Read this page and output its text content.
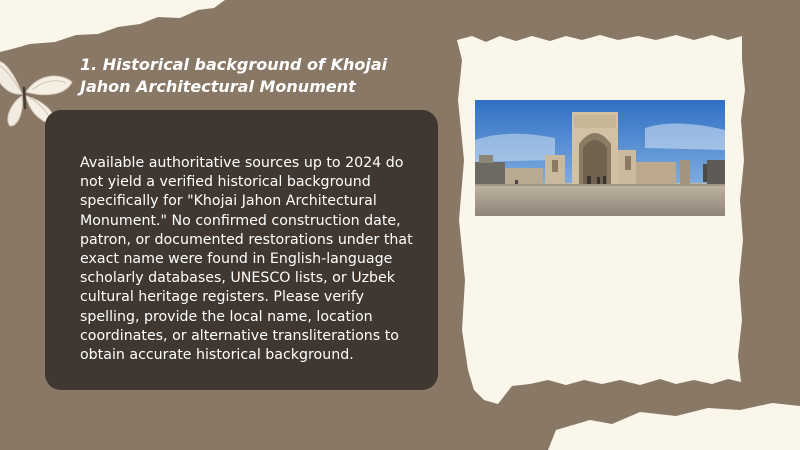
1. Historical background of Khojai Jahon Architectural Monument

Available authoritative sources up to 2024 do not yield a verified historical background specifically for "Khojai Jahon Architectural Monument." No confirmed construction date, patron, or documented restorations under that exact name were found in English-language scholarly databases, UNESCO lists, or Uzbek cultural heritage registers. Please verify spelling, provide the local name, location coordinates, or alternative transliterations to obtain accurate historical background.
